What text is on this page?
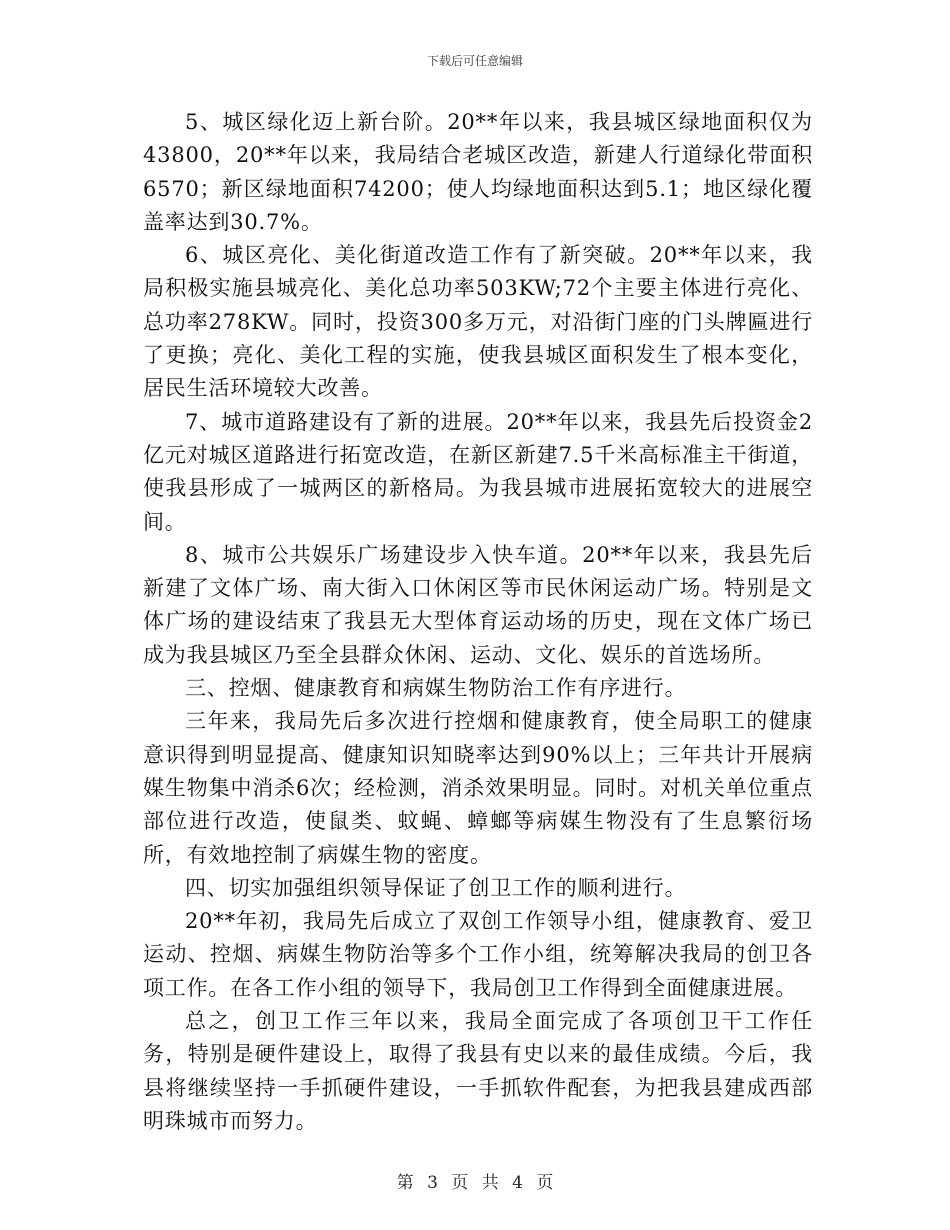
下载后可任意编辑

5、城区绿化迈上新台阶。20**年以来，我县城区绿地面积仅为43800，20**年以来，我局结合老城区改造，新建人行道绿化带面积6570；新区绿地面积74200；使人均绿地面积达到5.1；地区绿化覆盖率达到30.7%。

6、城区亮化、美化街道改造工作有了新突破。20**年以来，我局积极实施县城亮化、美化总功率503KW;72个主要主体进行亮化、总功率278KW。同时，投资300多万元，对沿街门座的门头牌匾进行了更换；亮化、美化工程的实施，使我县城区面积发生了根本变化，居民生活环境较大改善。

7、城市道路建设有了新的进展。20**年以来，我县先后投资金2亿元对城区道路进行拓宽改造，在新区新建7.5千米高标准主干街道，使我县形成了一城两区的新格局。为我县城市进展拓宽较大的进展空间。

8、城市公共娱乐广场建设步入快车道。20**年以来，我县先后新建了文体广场、南大街入口休闲区等市民休闲运动广场。特别是文体广场的建设结束了我县无大型体育运动场的历史，现在文体广场已成为我县城区乃至全县群众休闲、运动、文化、娱乐的首选场所。

三、控烟、健康教育和病媒生物防治工作有序进行。

三年来，我局先后多次进行控烟和健康教育，使全局职工的健康意识得到明显提高、健康知识知晓率达到90%以上；三年共计开展病媒生物集中消杀6次；经检测，消杀效果明显。同时。对机关单位重点部位进行改造，使鼠类、蚊蝇、蟑螂等病媒生物没有了生息繁衍场所，有效地控制了病媒生物的密度。

四、切实加强组织领导保证了创卫工作的顺利进行。

20**年初，我局先后成立了双创工作领导小组，健康教育、爱卫运动、控烟、病媒生物防治等多个工作小组，统筹解决我局的创卫各项工作。在各工作小组的领导下，我局创卫工作得到全面健康进展。

总之，创卫工作三年以来，我局全面完成了各项创卫干工作任务，特别是硬件建设上，取得了我县有史以来的最佳成绩。今后，我县将继续坚持一手抓硬件建设，一手抓软件配套，为把我县建成西部明珠城市而努力。

第 3 页 共 4 页
